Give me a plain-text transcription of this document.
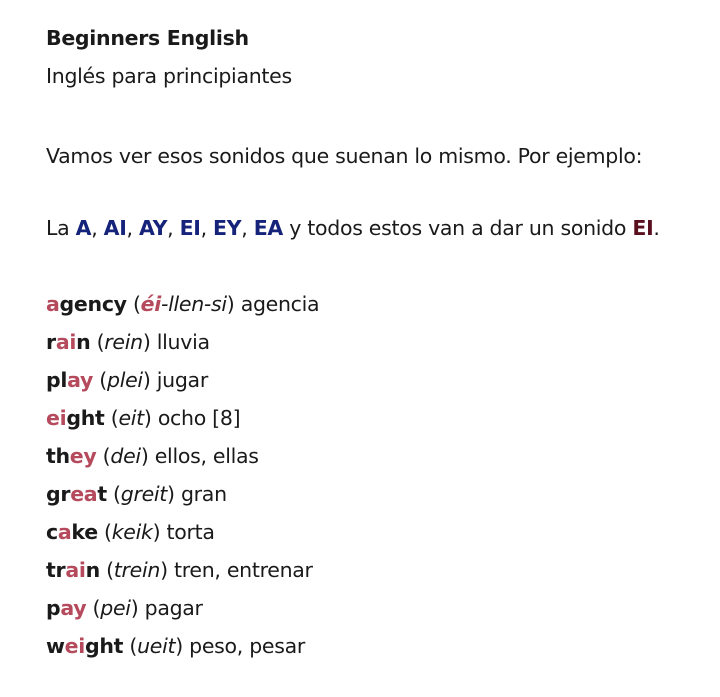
Beginners English

Inglés para principiantes

Vamos ver esos sonidos que suenan lo mismo. Por ejemplo:

La A, AI, AY, EI, EY, EA y todos estos van a dar un sonido EI.

agency (éi-llen-si) agencia
rain (rein) lluvia
play (plei) jugar
eight (eit) ocho [8]
they (dei) ellos, ellas
great (greit) gran
cake (keik) torta
train (trein) tren, entrenar
pay (pei) pagar
weight (ueit) peso, pesar
